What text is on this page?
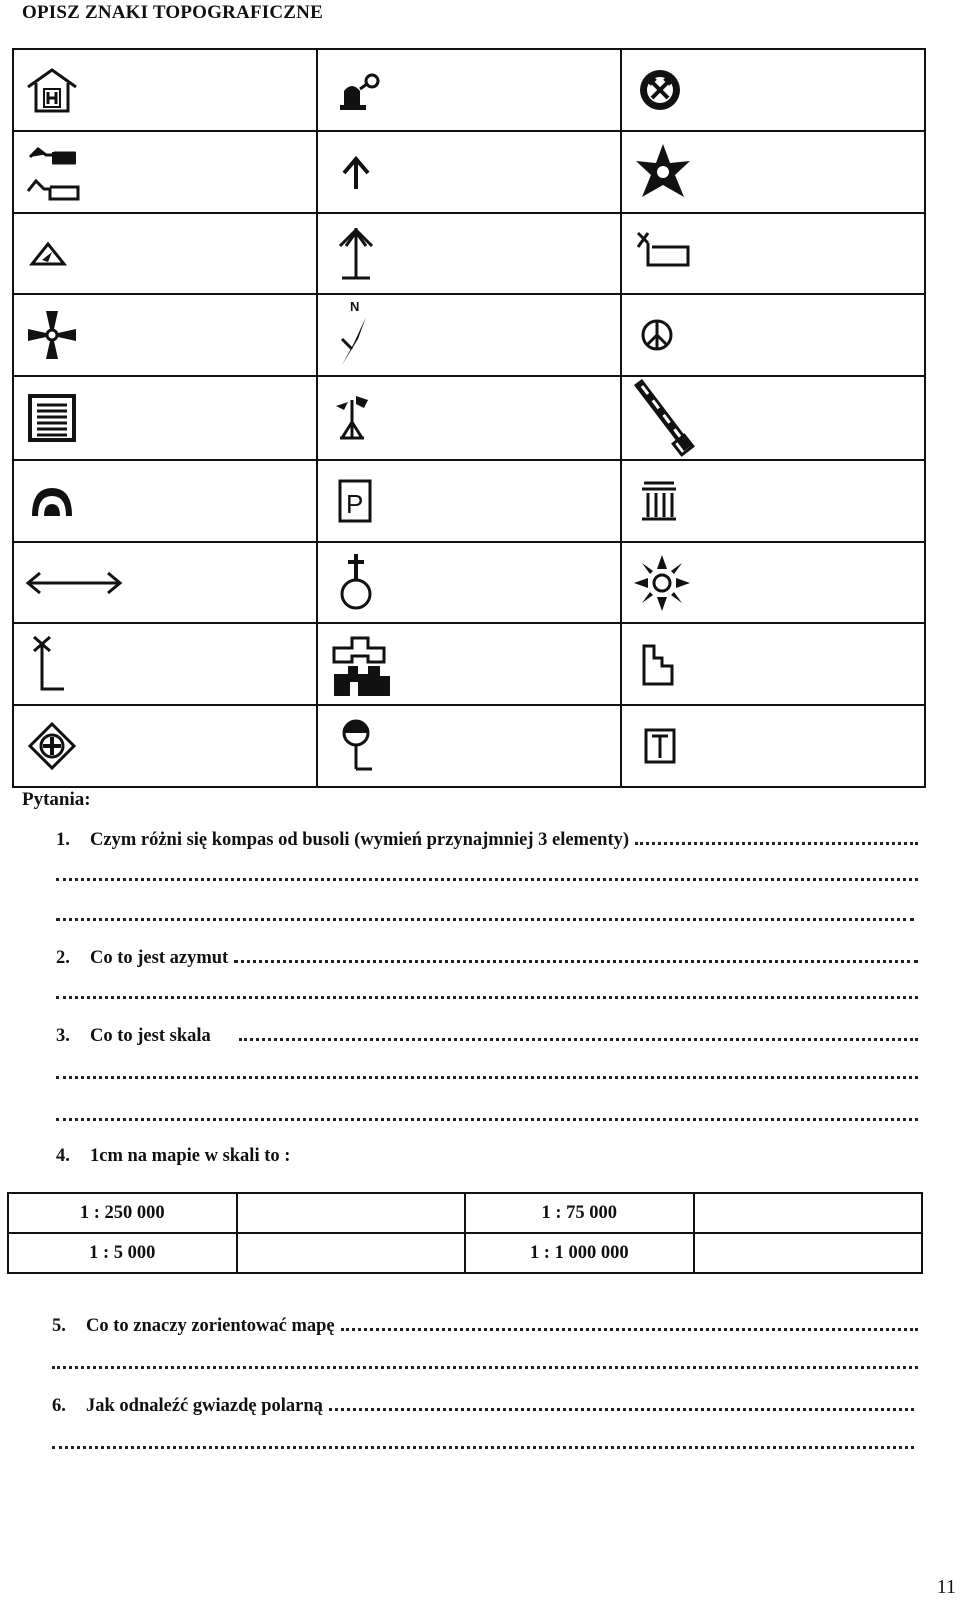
OPISZ ZNAKI TOPOGRAFICZNE

N

P

Pytania:
1.	Czym różni się kompas od busoli (wymień przynajmniej 3 elementy)
2.	Co to jest azymut
3.	Co to jest skala
4.	1cm na mapie w skali to :
1 : 250 000		1 : 75 000	
1 : 5 000		1 : 1 000 000	
5.	Co to znaczy zorientować mapę
6.	Jak odnaleźć gwiazdę polarną
11
